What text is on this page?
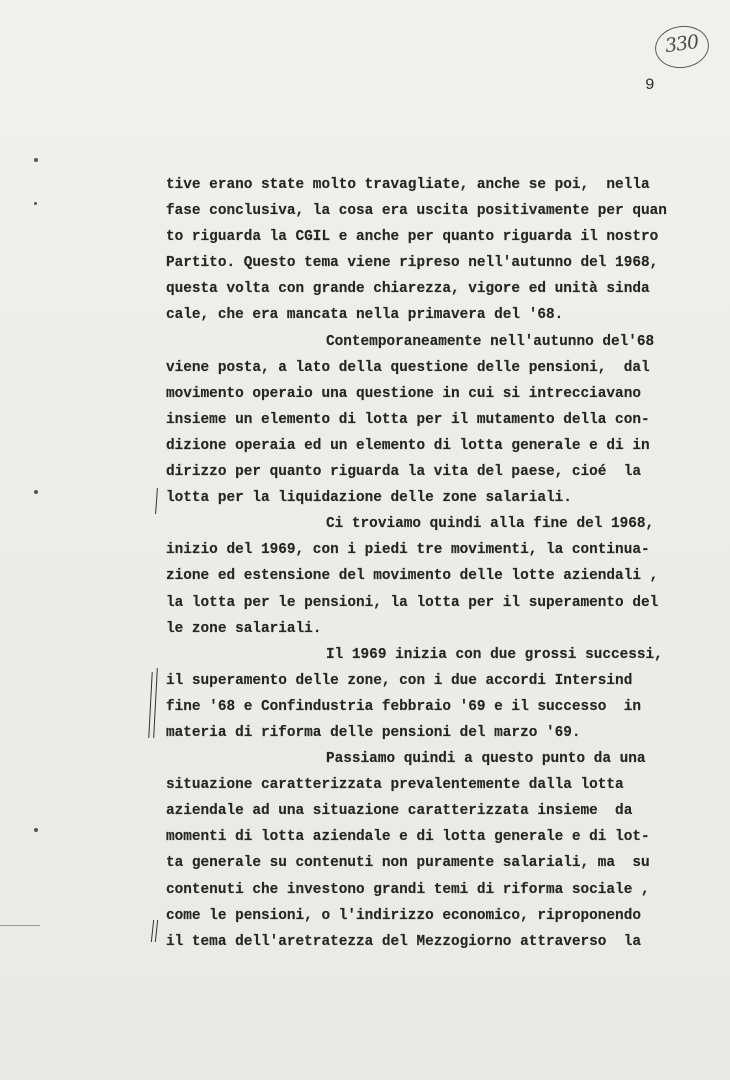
330
9
tive erano state molto travagliate, anche se poi,  nella
fase conclusiva, la cosa era uscita positivamente per quan
to riguarda la CGIL e anche per quanto riguarda il nostro
Partito. Questo tema viene ripreso nell'autunno del 1968,
questa volta con grande chiarezza, vigore ed unità sinda
cale, che era mancata nella primavera del '68.
Contemporaneamente nell'autunno del'68
viene posta, a lato della questione delle pensioni,  dal
movimento operaio una questione in cui si intrecciavano
insieme un elemento di lotta per il mutamento della con-
dizione operaia ed un elemento di lotta generale e di in
dirizzo per quanto riguarda la vita del paese, cioé  la
lotta per la liquidazione delle zone salariali.
Ci troviamo quindi alla fine del 1968,
inizio del 1969, con i piedi tre movimenti, la continua-
zione ed estensione del movimento delle lotte aziendali ,
la lotta per le pensioni, la lotta per il superamento del
le zone salariali.
Il 1969 inizia con due grossi successi,
il superamento delle zone, con i due accordi Intersind
fine '68 e Confindustria febbraio '69 e il successo  in
materia di riforma delle pensioni del marzo '69.
Passiamo quindi a questo punto da una
situazione caratterizzata prevalentemente dalla lotta
aziendale ad una situazione caratterizzata insieme  da
momenti di lotta aziendale e di lotta generale e di lot-
ta generale su contenuti non puramente salariali, ma  su
contenuti che investono grandi temi di riforma sociale ,
come le pensioni, o l'indirizzo economico, riproponendo
il tema dell'aretratezza del Mezzogiorno attraverso  la
